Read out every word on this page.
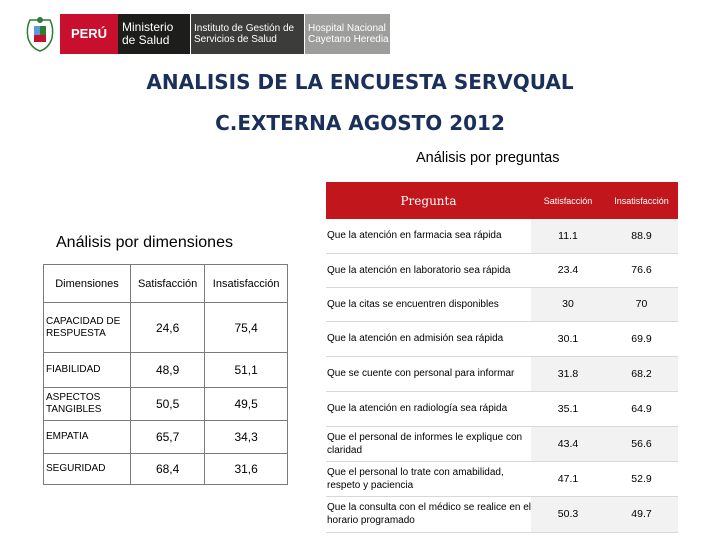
PERÚ	Ministerio
de Salud
Instituto de Gestión de
Servicios de Salud
Hospital Nacional
Cayetano Heredia
ANALISIS DE LA ENCUESTA SERVQUAL
C.EXTERNA AGOSTO 2012
Análisis por preguntas
Análisis por dimensiones
Dimensiones	Satisfacción	Insatisfacción
CAPACIDAD DE RESPUESTA	24,6	75,4
FIABILIDAD	48,9	51,1
ASPECTOS TANGIBLES	50,5	49,5
EMPATIA	65,7	34,3
SEGURIDAD	68,4	31,6
Pregunta	Satisfacción	Insatisfacción
Que la atención en farmacia sea rápida	11.1	88.9
Que la atención en laboratorio sea rápida	23.4	76.6
Que la citas se encuentren disponibles	30	70
Que la atención en admisión sea rápida	30.1	69.9
Que se cuente con personal para informar	31.8	68.2
Que la atención en radiología sea rápida	35.1	64.9
Que el personal de informes le explique con claridad	43.4	56.6
Que el personal lo trate con amabilidad, respeto y paciencia	47.1	52.9
Que la consulta con el médico se realice en el horario programado	50.3	49.7
